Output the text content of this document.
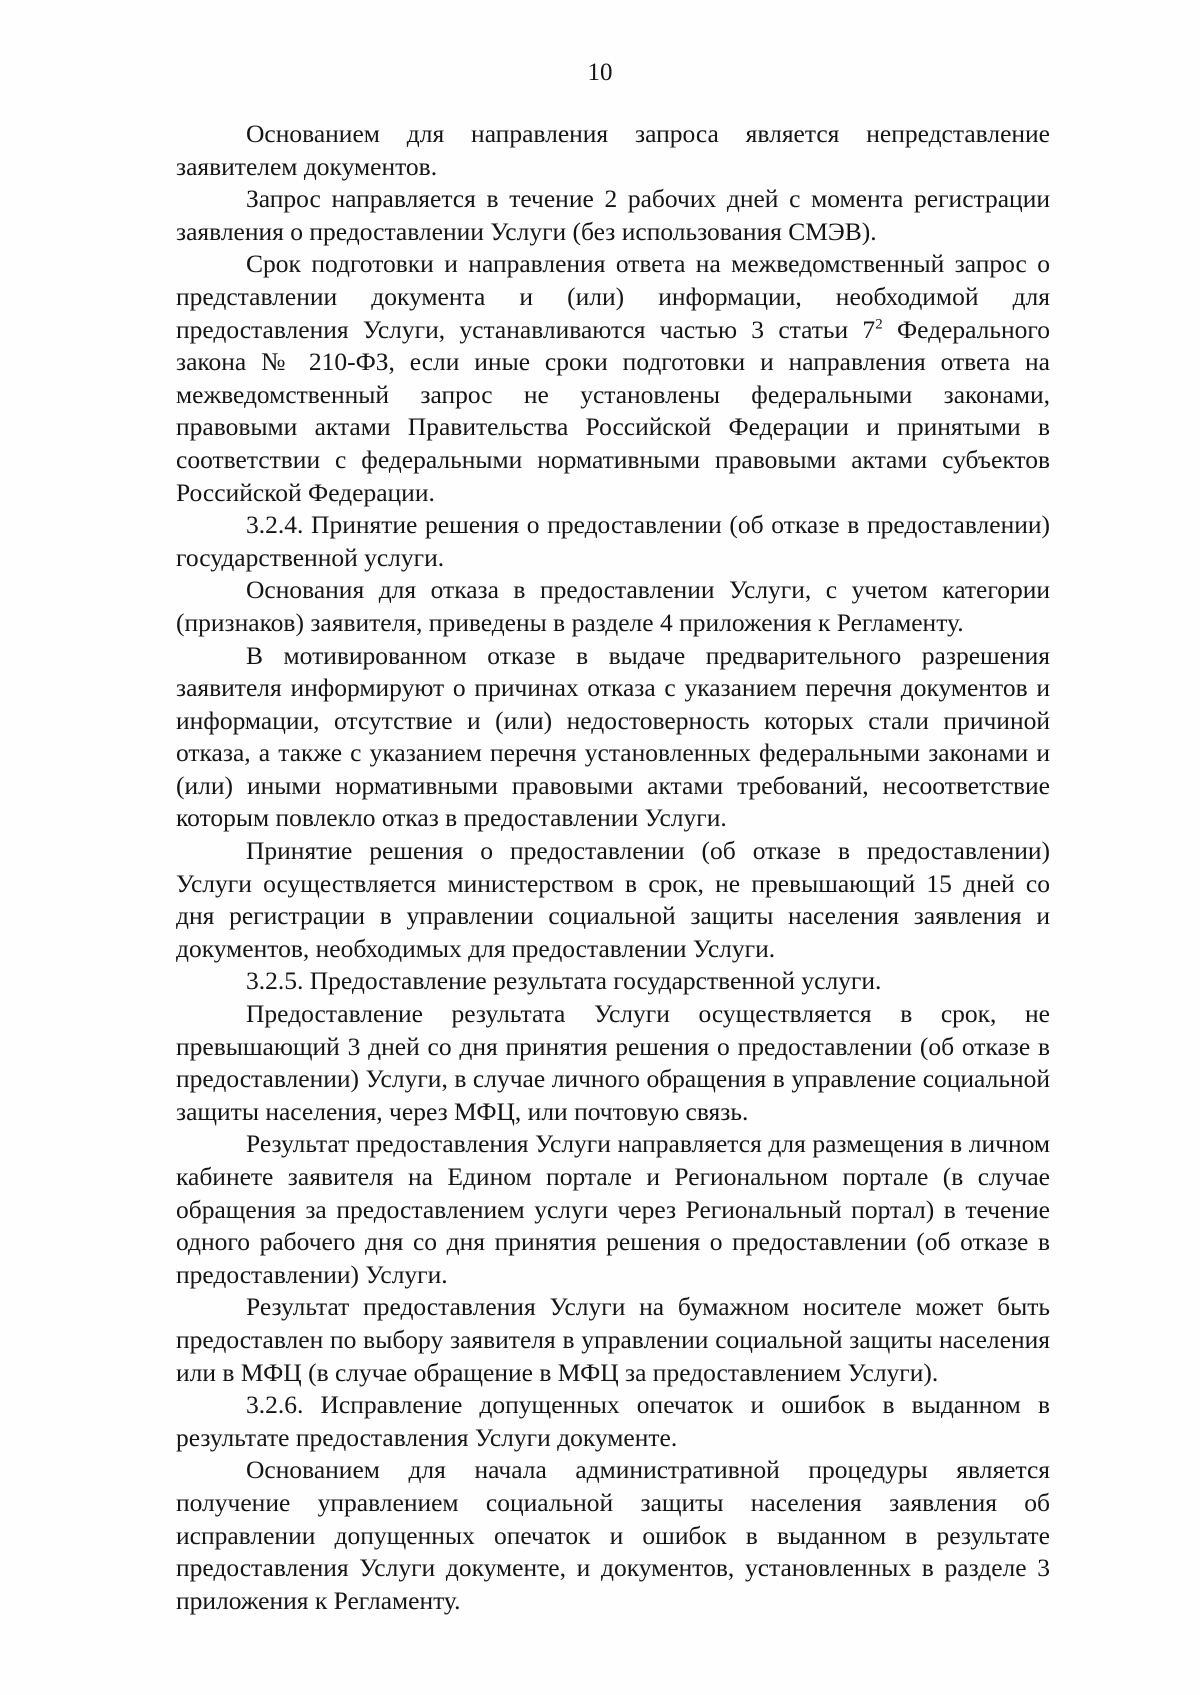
10

Основанием для направления запроса является непредставление заявителем документов.

Запрос направляется в течение 2 рабочих дней с момента регистрации заявления о предоставлении Услуги (без использования СМЭВ).

Срок подготовки и направления ответа на межведомственный запрос о представлении документа и (или) информации, необходимой для предоставления Услуги, устанавливаются частью 3 статьи $7^2$ Федерального закона № 210-ФЗ, если иные сроки подготовки и направления ответа на межведомственный запрос не установлены федеральными законами, правовыми актами Правительства Российской Федерации и принятыми в соответствии с федеральными нормативными правовыми актами субъектов Российской Федерации.

3.2.4. Принятие решения о предоставлении (об отказе в предоставлении) государственной услуги.

Основания для отказа в предоставлении Услуги, с учетом категории (признаков) заявителя, приведены в разделе 4 приложения к Регламенту.

В мотивированном отказе в выдаче предварительного разрешения заявителя информируют о причинах отказа с указанием перечня документов и информации, отсутствие и (или) недостоверность которых стали причиной отказа, а также с указанием перечня установленных федеральными законами и (или) иными нормативными правовыми актами требований, несоответствие которым повлекло отказ в предоставлении Услуги.

Принятие решения о предоставлении (об отказе в предоставлении) Услуги осуществляется министерством в срок, не превышающий 15 дней со дня регистрации в управлении социальной защиты населения заявления и документов, необходимых для предоставлении Услуги.

3.2.5. Предоставление результата государственной услуги.

Предоставление результата Услуги осуществляется в срок, не превышающий 3 дней со дня принятия решения о предоставлении (об отказе в предоставлении) Услуги, в случае личного обращения в управление социальной защиты населения, через МФЦ, или почтовую связь.

Результат предоставления Услуги направляется для размещения в личном кабинете заявителя на Едином портале и Региональном портале (в случае обращения за предоставлением услуги через Региональный портал) в течение одного рабочего дня со дня принятия решения о предоставлении (об отказе в предоставлении) Услуги.

Результат предоставления Услуги на бумажном носителе может быть предоставлен по выбору заявителя в управлении социальной защиты населения или в МФЦ (в случае обращение в МФЦ за предоставлением Услуги).

3.2.6. Исправление допущенных опечаток и ошибок в выданном в результате предоставления Услуги документе.

Основанием для начала административной процедуры является получение управлением социальной защиты населения заявления об исправлении допущенных опечаток и ошибок в выданном в результате предоставления Услуги документе, и документов, установленных в разделе 3 приложения к Регламенту.
